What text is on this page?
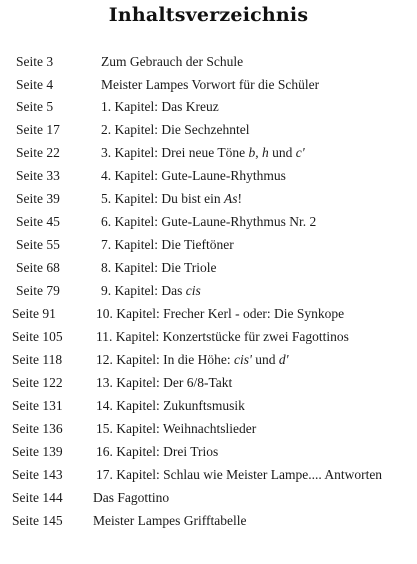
Inhaltsverzeichnis
Seite 3	Zum Gebrauch der Schule
Seite 4	Meister Lampes Vorwort für die Schüler
Seite 5	1. Kapitel: Das Kreuz
Seite 17	2. Kapitel: Die Sechzehntel
Seite 22	3. Kapitel: Drei neue Töne b, h und c'
Seite 33	4. Kapitel: Gute-Laune-Rhythmus
Seite 39	5. Kapitel: Du bist ein As!
Seite 45	6. Kapitel: Gute-Laune-Rhythmus Nr. 2
Seite 55	7. Kapitel: Die Tieftöner
Seite 68	8. Kapitel: Die Triole
Seite 79	9. Kapitel: Das cis
Seite 91	10. Kapitel: Frecher Kerl - oder: Die Synkope
Seite 105 11. Kapitel: Konzertstücke für zwei Fagottinos
Seite 118	12. Kapitel: In die Höhe: cis' und d'
Seite 122 13. Kapitel: Der 6/8-Takt
Seite 131 14. Kapitel: Zukunftsmusik
Seite 136 15. Kapitel: Weihnachtslieder
Seite 139 16. Kapitel: Drei Trios
Seite 143 17. Kapitel: Schlau wie Meister Lampe.... Antworten
Seite 144 Das Fagottino
Seite 145 Meister Lampes Grifftabelle
